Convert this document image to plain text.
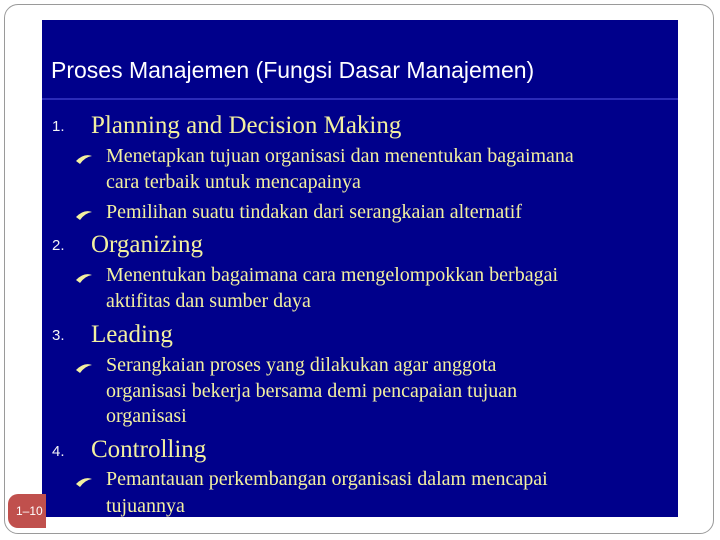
Proses Manajemen (Fungsi Dasar Manajemen)
1. Planning and Decision Making
Menetapkan tujuan organisasi dan menentukan bagaimana
cara terbaik untuk mencapainya
Pemilihan suatu tindakan dari serangkaian alternatif
2. Organizing
Menentukan bagaimana cara mengelompokkan berbagai
aktifitas dan sumber daya
3. Leading
Serangkaian proses yang dilakukan agar anggota
organisasi bekerja bersama demi pencapaian tujuan
organisasi
4. Controlling
1–10
Pemantauan perkembangan organisasi dalam mencapai
tujuannya
